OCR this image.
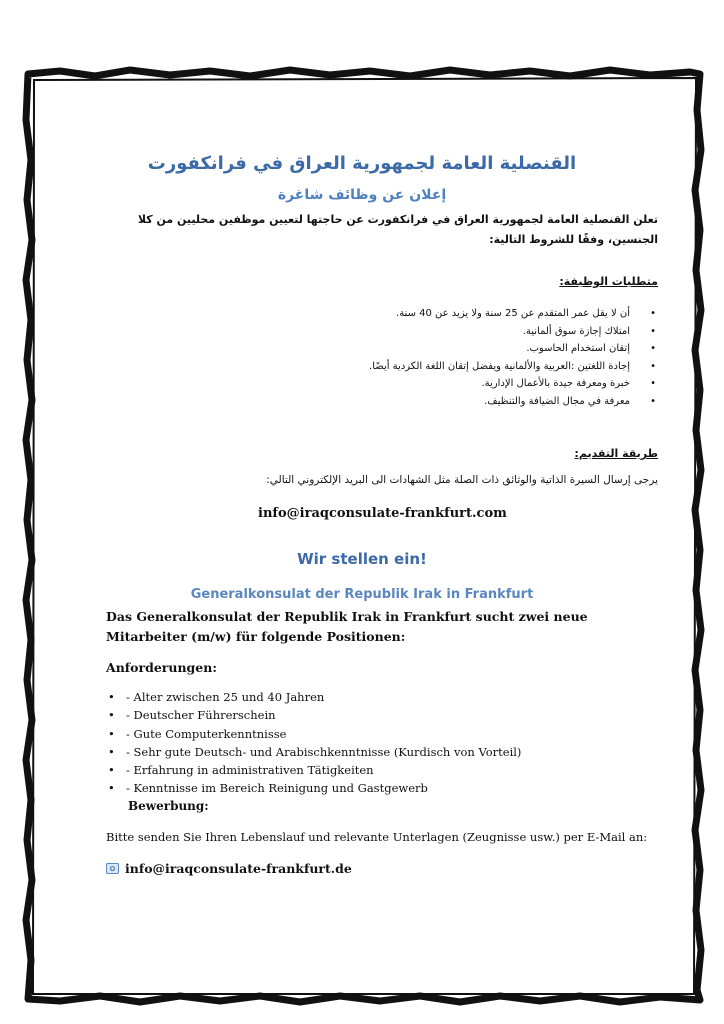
القنصلية العامة لجمهورية العراق في فرانكفورت
إعلان عن وظائف شاغرة
تعلن القنصلية العامة لجمهورية العراق في فرانكفورت عن حاجتها لتعيين موظفين محليين من كلا الجنسين، وفقًا للشروط التالية:
متطلبات الوظيفة:
•
أن لا يقل عمر المتقدم عن 25 سنة ولا يزيد عن 40 سنة.
•
امتلاك إجازة سوق ألمانية.
•
إتقان استخدام الحاسوب.
•
إجادة اللغتين :العربية والألمانية ويفضل إتقان اللغة الكردية أيضًا.
•
خبرة ومعرفة جيدة بالأعمال الإدارية.
•
معرفة في مجال الضيافة والتنظيف.
طريقة التقديم:
يرجى إرسال السيرة الذاتية والوثائق ذات الصلة مثل الشهادات الى البريد الإلكتروني التالي:
info@iraqconsulate-frankfurt.com
Wir stellen ein!
Generalkonsulat der Republik Irak in Frankfurt
Das Generalkonsulat der Republik Irak in Frankfurt sucht zwei neue Mitarbeiter (m/w) für folgende Positionen:
Anforderungen:
• - Alter zwischen 25 und 40 Jahren
• - Deutscher Führerschein
• - Gute Computerkenntnisse
• - Sehr gute Deutsch- und Arabischkenntnisse (Kurdisch von Vorteil)
• - Erfahrung in administrativen Tätigkeiten
• - Kenntnisse im Bereich Reinigung und Gastgewerb
Bewerbung:
Bitte senden Sie Ihren Lebenslauf und relevante Unterlagen (Zeugnisse usw.) per E-Mail an:
info@iraqconsulate-frankfurt.de
